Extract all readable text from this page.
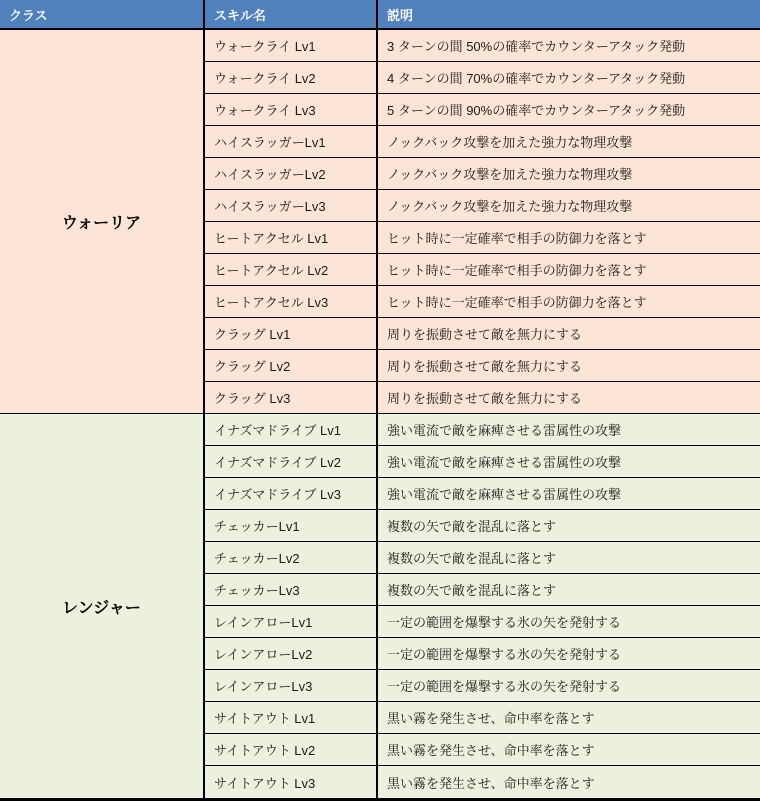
クラス	スキル名	説明
ウォーリア	ウォークライ Lv1	3 ターンの間 50%の確率でカウンターアタック発動
	ウォークライ Lv2	4 ターンの間 70%の確率でカウンターアタック発動
	ウォークライ Lv3	5 ターンの間 90%の確率でカウンターアタック発動
	ハイスラッガーLv1	ノックバック攻撃を加えた強力な物理攻撃
	ハイスラッガーLv2	ノックバック攻撃を加えた強力な物理攻撃
	ハイスラッガーLv3	ノックバック攻撃を加えた強力な物理攻撃
	ヒートアクセル Lv1	ヒット時に一定確率で相手の防御力を落とす
	ヒートアクセル Lv2	ヒット時に一定確率で相手の防御力を落とす
	ヒートアクセル Lv3	ヒット時に一定確率で相手の防御力を落とす
	クラッグ Lv1	周りを振動させて敵を無力にする
	クラッグ Lv2	周りを振動させて敵を無力にする
	クラッグ Lv3	周りを振動させて敵を無力にする
レンジャー	イナズマドライブ Lv1	強い電流で敵を麻痺させる雷属性の攻撃
	イナズマドライブ Lv2	強い電流で敵を麻痺させる雷属性の攻撃
	イナズマドライブ Lv3	強い電流で敵を麻痺させる雷属性の攻撃
	チェッカーLv1	複数の矢で敵を混乱に落とす
	チェッカーLv2	複数の矢で敵を混乱に落とす
	チェッカーLv3	複数の矢で敵を混乱に落とす
	レインアローLv1	一定の範囲を爆撃する氷の矢を発射する
	レインアローLv2	一定の範囲を爆撃する氷の矢を発射する
	レインアローLv3	一定の範囲を爆撃する氷の矢を発射する
	サイトアウト Lv1	黒い霧を発生させ、命中率を落とす
	サイトアウト Lv2	黒い霧を発生させ、命中率を落とす
	サイトアウト Lv3	黒い霧を発生させ、命中率を落とす
